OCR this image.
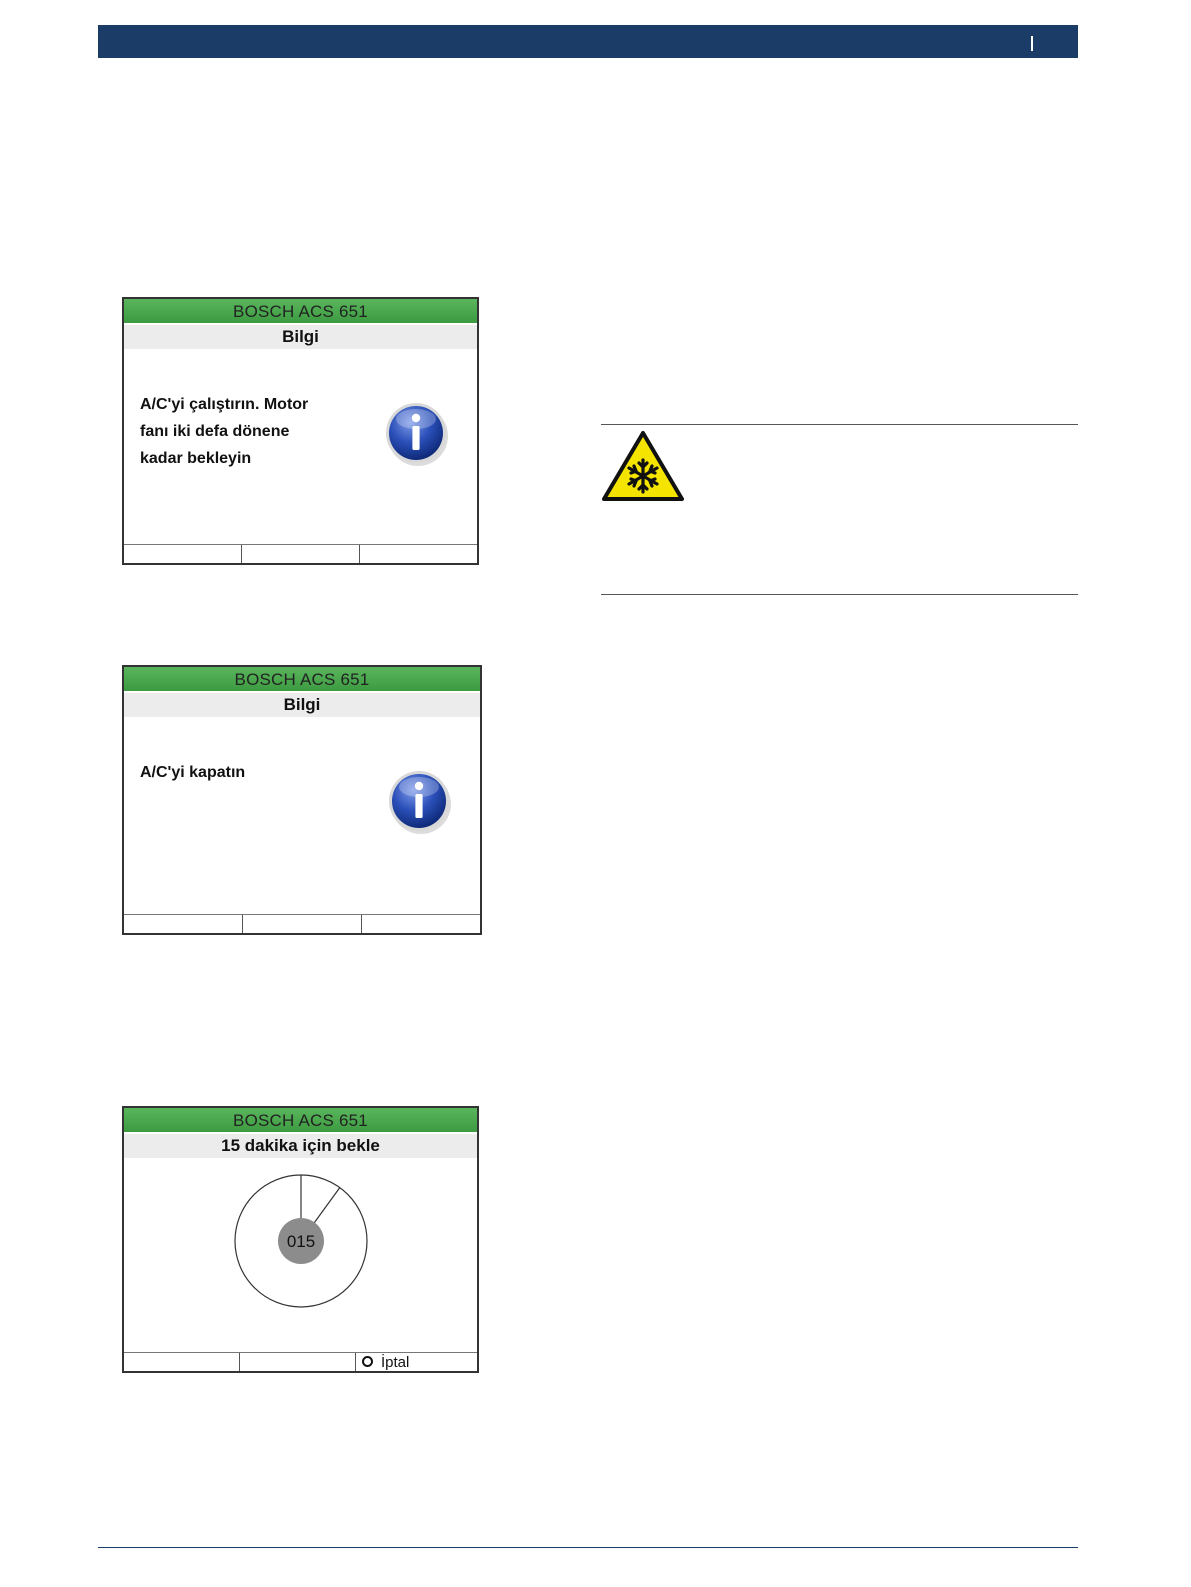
BOSCH ACS 651
Bilgi
A/C'yi çalıştırın. Motor
fanı iki defa dönene
kadar bekleyin
BOSCH ACS 651
Bilgi
A/C'yi kapatın
BOSCH ACS 651
15 dakika için bekle
015
İptal
